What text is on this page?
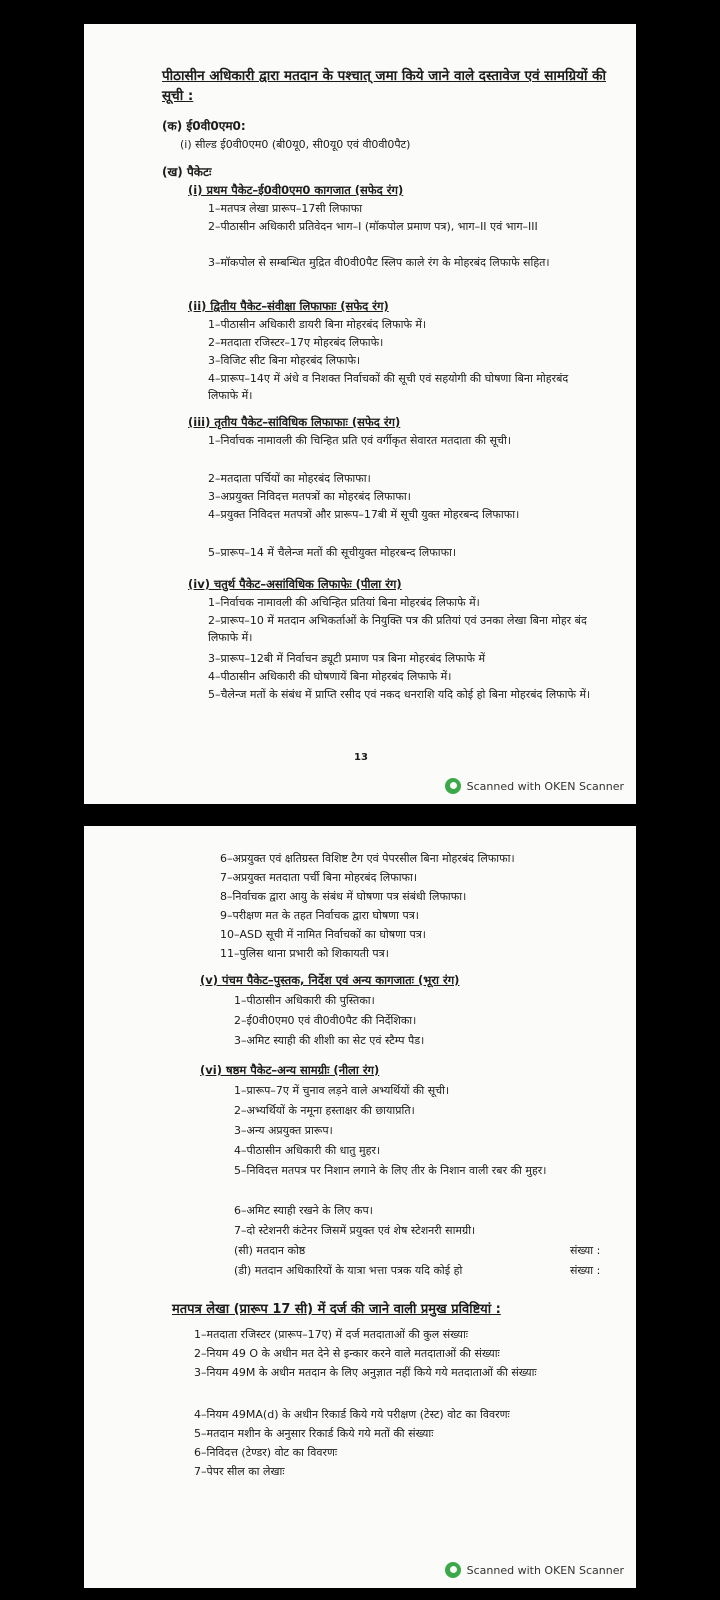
पीठासीन अधिकारी द्वारा मतदान के पश्चात् जमा किये जाने वाले दस्तावेज एवं सामग्रियों की सूची :
(क) ई0वी0एम0:
(i) सील्ड ई0वी0एम0 (बी0यू0, सी0यू0 एवं वी0वी0पैट)
(ख) पैकेटः
(i) प्रथम पैकेट–ई0वी0एम0 कागजात (सफेद रंग)
1–मतपत्र लेखा प्रारूप–17सी लिफाफा
2–पीठासीन अधिकारी प्रतिवेदन भाग–I (मॉकपोल प्रमाण पत्र), भाग–II एवं भाग–III
3–मॉकपोल से सम्बन्धित मुद्रित वी0वी0पैट स्लिप काले रंग के मोहरबंद लिफाफे सहित।
(ii) द्वितीय पैकेट–संवीक्षा लिफाफाः (सफेद रंग)
1–पीठासीन अधिकारी डायरी बिना मोहरबंद लिफाफे में।
2–मतदाता रजिस्टर–17ए मोहरबंद लिफाफे।
3–विजिट सीट बिना मोहरबंद लिफाफे।
4–प्रारूप–14ए में अंधे व निशक्त निर्वाचकों की सूची एवं सहयोगी की घोषणा बिना मोहरबंद लिफाफे में।
(iii) तृतीय पैकेट–सांविधिक लिफाफाः (सफेद रंग)
1–निर्वाचक नामावली की चिन्हित प्रति एवं वर्गीकृत सेवारत मतदाता की सूची।
2–मतदाता पर्चियों का मोहरबंद लिफाफा।
3–अप्रयुक्त निविदत्त मतपत्रों का मोहरबंद लिफाफा।
4–प्रयुक्त निविदत्त मतपत्रों और प्रारूप–17बी में सूची युक्त मोहरबन्द लिफाफा।
5–प्रारूप–14 में चैलेन्ज मतों की सूचीयुक्त मोहरबन्द लिफाफा।
(iv) चतुर्थ पैकेट–असांविधिक लिफाफेः (पीला रंग)
1–निर्वाचक नामावली की अचिन्हित प्रतियां बिना मोहरबंद लिफाफे में।
2–प्रारूप–10 में मतदान अभिकर्ताओं के नियुक्ति पत्र की प्रतियां एवं उनका लेखा बिना मोहर बंद लिफाफे में।
3–प्रारूप–12बी में निर्वाचन ड्यूटी प्रमाण पत्र बिना मोहरबंद लिफाफे में
4–पीठासीन अधिकारी की घोषणायें बिना मोहरबंद लिफाफे में।
5–चैलेन्ज मतों के संबंध में प्राप्ति रसीद एवं नकद धनराशि यदि कोई हो बिना मोहरबंद लिफाफे में।
13
Scanned with OKEN Scanner
6–अप्रयुक्त एवं क्षतिग्रस्त विशिष्ट टैग एवं पेपरसील बिना मोहरबंद लिफाफा।
7–अप्रयुक्त मतदाता पर्ची बिना मोहरबंद लिफाफा।
8–निर्वाचक द्वारा आयु के संबंध में घोषणा पत्र संबंधी लिफाफा।
9–परीक्षण मत के तहत निर्वाचक द्वारा घोषणा पत्र।
10–ASD सूची में नामित निर्वाचकों का घोषणा पत्र।
11–पुलिस थाना प्रभारी को शिकायती पत्र।
(v) पंचम पैकेट–पुस्तक, निर्देश एवं अन्य कागजातः (भूरा रंग)
1–पीठासीन अधिकारी की पुस्तिका।
2–ई0वी0एम0 एवं वी0वी0पैट की निर्देशिका।
3–अमिट स्याही की शीशी का सेट एवं स्टैम्प पैड।
(vi) षष्ठम पैकेट–अन्य सामग्रीः (नीला रंग)
1–प्रारूप–7ए में चुनाव लड़ने वाले अभ्यर्थियों की सूची।
2–अभ्यर्थियों के नमूना हस्ताक्षर की छायाप्रति।
3–अन्य अप्रयुक्त प्रारूप।
4–पीठासीन अधिकारी की धातु मुहर।
5–निविदत्त मतपत्र पर निशान लगाने के लिए तीर के निशान वाली रबर की मुहर।
6–अमिट स्याही रखने के लिए कप।
7–दो स्टेशनरी कंटेनर जिसमें प्रयुक्त एवं शेष स्टेशनरी सामग्री।
(सी) मतदान कोष्ठ	संख्या :
(डी) मतदान अधिकारियों के यात्रा भत्ता पत्रक यदि कोई हो	संख्या :
मतपत्र लेखा (प्रारूप 17 सी) में दर्ज की जाने वाली प्रमुख प्रविष्टियां :
1–मतदाता रजिस्टर (प्रारूप–17ए) में दर्ज मतदाताओं की कुल संख्याः
2–नियम 49 O के अधीन मत देने से इन्कार करने वाले मतदाताओं की संख्याः
3–नियम 49M के अधीन मतदान के लिए अनुज्ञात नहीं किये गये मतदाताओं की संख्याः
4–नियम 49MA(d) के अधीन रिकार्ड किये गये परीक्षण (टेस्ट) वोट का विवरणः
5–मतदान मशीन के अनुसार रिकार्ड किये गये मतों की संख्याः
6–निविदत्त (टेण्डर) वोट का विवरणः
7–पेपर सील का लेखाः
Scanned with OKEN Scanner
